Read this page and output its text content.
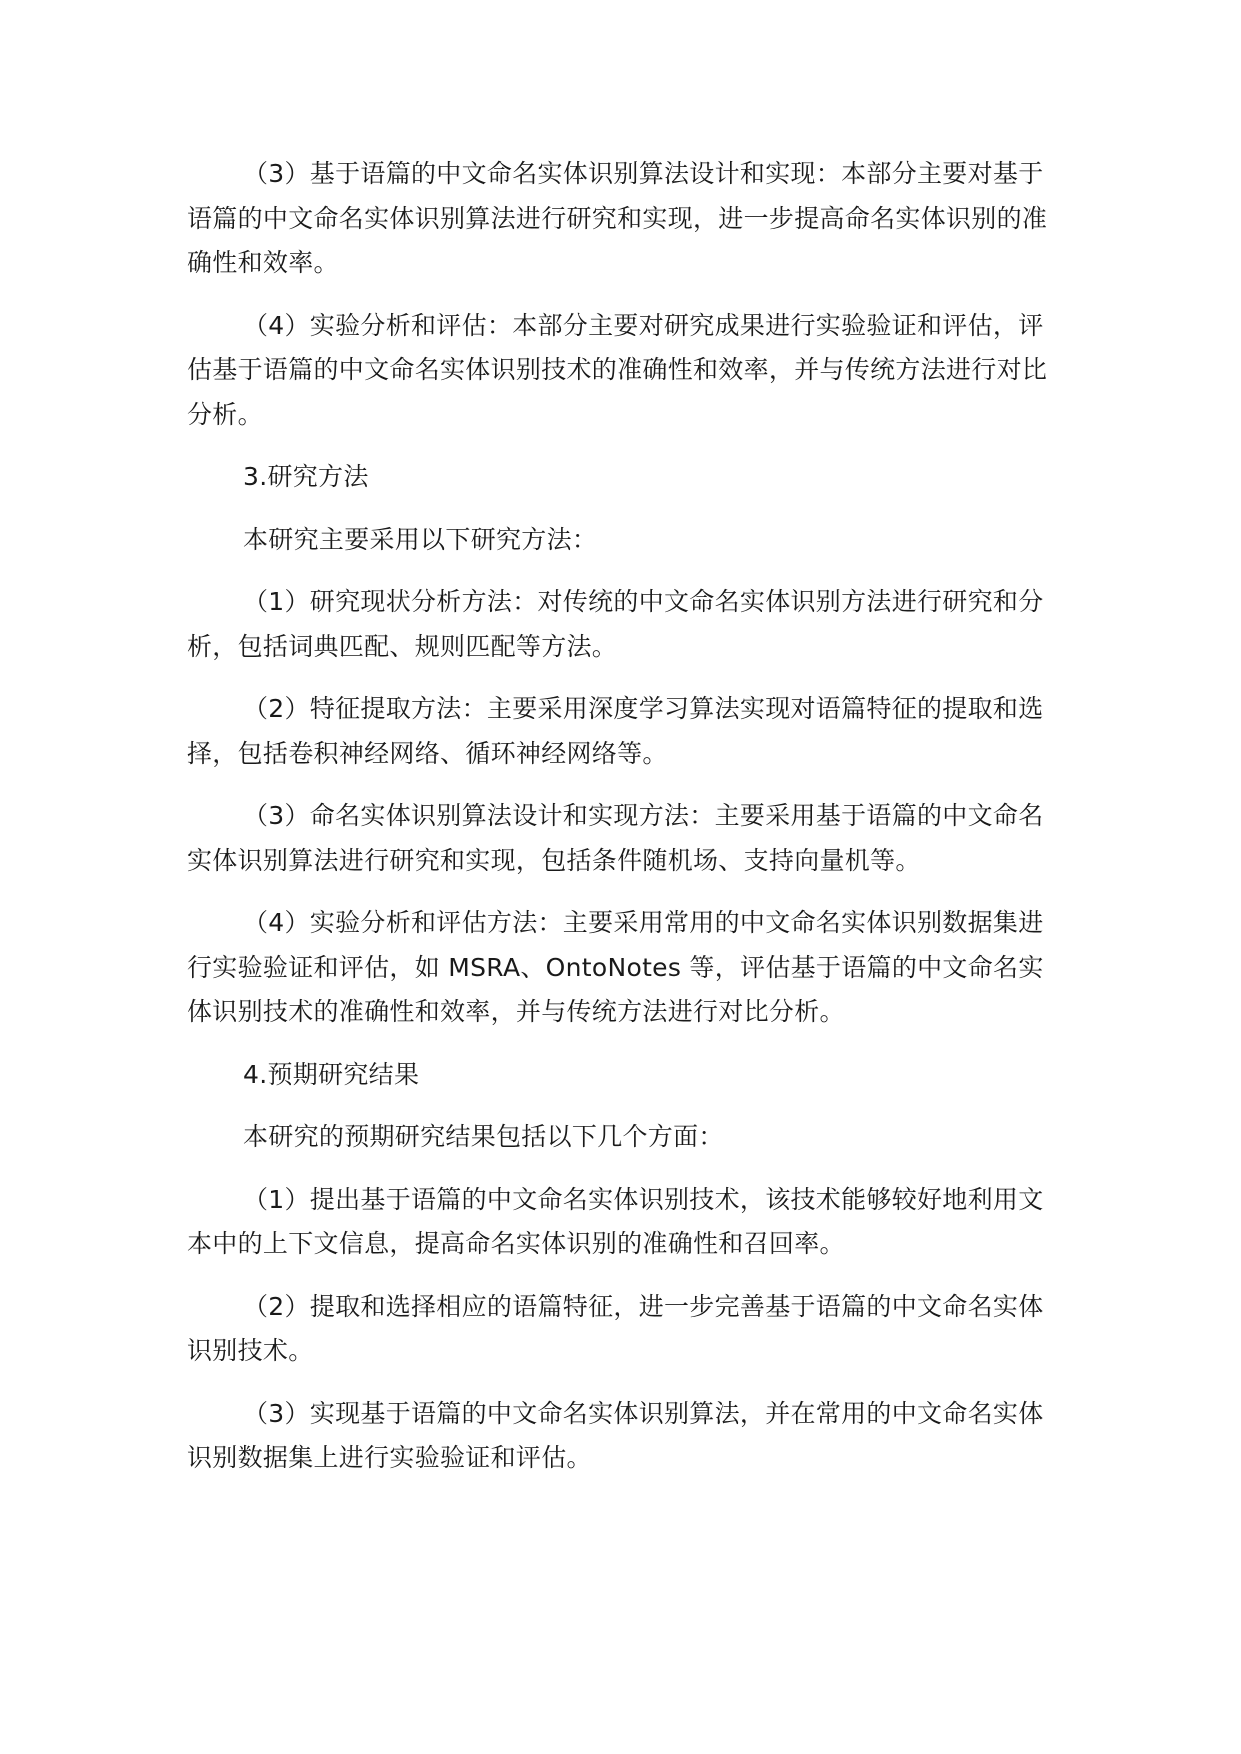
（3）基于语篇的中文命名实体识别算法设计和实现：本部分主要对基于语篇的中文命名实体识别算法进行研究和实现，进一步提高命名实体识别的准确性和效率。

（4）实验分析和评估：本部分主要对研究成果进行实验验证和评估，评估基于语篇的中文命名实体识别技术的准确性和效率，并与传统方法进行对比分析。

3.研究方法

本研究主要采用以下研究方法：

（1）研究现状分析方法：对传统的中文命名实体识别方法进行研究和分析，包括词典匹配、规则匹配等方法。

（2）特征提取方法：主要采用深度学习算法实现对语篇特征的提取和选择，包括卷积神经网络、循环神经网络等。

（3）命名实体识别算法设计和实现方法：主要采用基于语篇的中文命名实体识别算法进行研究和实现，包括条件随机场、支持向量机等。

（4）实验分析和评估方法：主要采用常用的中文命名实体识别数据集进行实验验证和评估，如 MSRA、OntoNotes 等，评估基于语篇的中文命名实体识别技术的准确性和效率，并与传统方法进行对比分析。

4.预期研究结果

本研究的预期研究结果包括以下几个方面：

（1）提出基于语篇的中文命名实体识别技术，该技术能够较好地利用文本中的上下文信息，提高命名实体识别的准确性和召回率。

（2）提取和选择相应的语篇特征，进一步完善基于语篇的中文命名实体识别技术。

（3）实现基于语篇的中文命名实体识别算法，并在常用的中文命名实体识别数据集上进行实验验证和评估。
